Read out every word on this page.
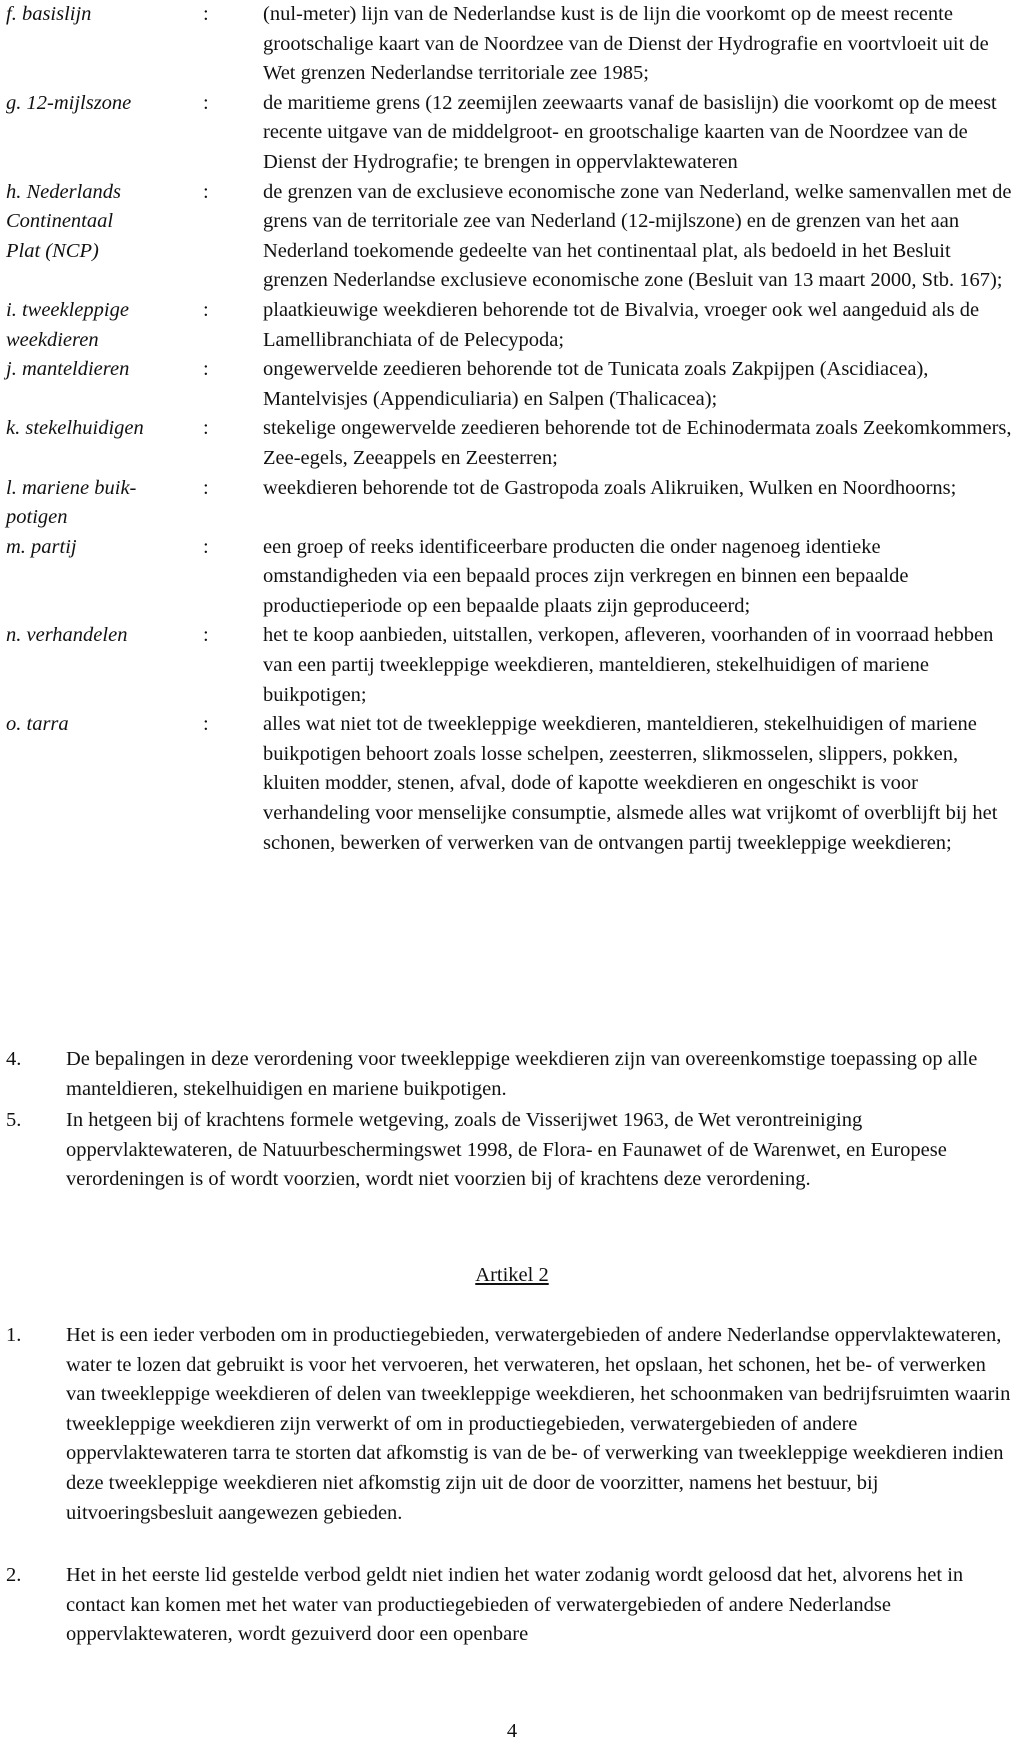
f. basislijn	:	(nul-meter) lijn van de Nederlandse kust is de lijn die voorkomt op de meest recente grootschalige kaart van de Noordzee van de Dienst der Hydrografie en voortvloeit uit de Wet grenzen Nederlandse territoriale zee 1985;
g. 12-mijlszone	:	de maritieme grens (12 zeemijlen zeewaarts vanaf de basislijn) die voorkomt op de meest recente uitgave van de middelgroot- en grootschalige kaarten van de Noordzee van de Dienst der Hydrografie; te brengen in oppervlaktewateren
h. Nederlands
Continentaal
Plat (NCP)
:	de grenzen van de exclusieve economische zone van Nederland, welke samenvallen met de grens van de territoriale zee van Nederland (12-mijlszone) en de grenzen van het aan Nederland toekomende gedeelte van het continentaal plat, als bedoeld in het Besluit grenzen Nederlandse exclusieve economische zone (Besluit van 13 maart 2000, Stb. 167);
i. tweekleppige
weekdieren
:	plaatkieuwige weekdieren behorende tot de Bivalvia, vroeger ook wel aangeduid als de Lamellibranchiata of de Pelecypoda;
j. manteldieren	:	ongewervelde zeedieren behorende tot de Tunicata zoals Zakpijpen (Ascidiacea), Mantelvisjes (Appendiculiaria) en Salpen (Thalicacea);
k. stekelhuidigen	:	stekelige ongewervelde zeedieren behorende tot de Echinodermata zoals Zeekomkommers, Zee-egels, Zeeappels en Zeesterren;
l. mariene buik-
potigen
:	weekdieren behorende tot de Gastropoda zoals Alikruiken, Wulken en Noordhoorns;
m. partij	:	een groep of reeks identificeerbare producten die onder nagenoeg identieke omstandigheden via een bepaald proces zijn verkregen en binnen een bepaalde productieperiode op een bepaalde plaats zijn geproduceerd;
n. verhandelen	:	het te koop aanbieden, uitstallen, verkopen, afleveren, voorhanden of in voorraad hebben van een partij tweekleppige weekdieren, manteldieren, stekelhuidigen of mariene buikpotigen;
o. tarra	:	alles wat niet tot de tweekleppige weekdieren, manteldieren, stekelhuidigen of mariene buikpotigen behoort zoals losse schelpen, zeesterren, slikmosselen, slippers, pokken, kluiten modder, stenen, afval, dode of kapotte weekdieren en ongeschikt is voor verhandeling voor menselijke consumptie, alsmede alles wat vrijkomt of overblijft bij het schonen, bewerken of verwerken van de ontvangen partij tweekleppige weekdieren;
4.	De bepalingen in deze verordening voor tweekleppige weekdieren zijn van overeenkomstige toepassing op alle manteldieren, stekelhuidigen en mariene buikpotigen.
5.	In hetgeen bij of krachtens formele wetgeving, zoals de Visserijwet 1963, de Wet verontreiniging oppervlaktewateren, de Natuurbeschermingswet 1998, de Flora- en Faunawet of de Warenwet, en Europese verordeningen is of wordt voorzien, wordt niet voorzien bij of krachtens deze verordening.
Artikel 2
1.	Het is een ieder verboden om in productiegebieden, verwatergebieden of andere Nederlandse oppervlaktewateren, water te lozen dat gebruikt is voor het vervoeren, het verwateren, het opslaan, het schonen, het be- of verwerken van tweekleppige weekdieren of delen van tweekleppige weekdieren, het schoonmaken van bedrijfsruimten waarin tweekleppige weekdieren zijn verwerkt of om in productiegebieden, verwatergebieden of andere oppervlaktewateren tarra te storten dat afkomstig is van de be- of verwerking van tweekleppige weekdieren indien deze tweekleppige weekdieren niet afkomstig zijn uit de door de voorzitter, namens het bestuur, bij uitvoeringsbesluit aangewezen gebieden.
2.	Het in het eerste lid gestelde verbod geldt niet indien het water zodanig wordt geloosd dat het, alvorens het in contact kan komen met het water van productiegebieden of verwatergebieden of andere Nederlandse oppervlaktewateren, wordt gezuiverd door een openbare
4
